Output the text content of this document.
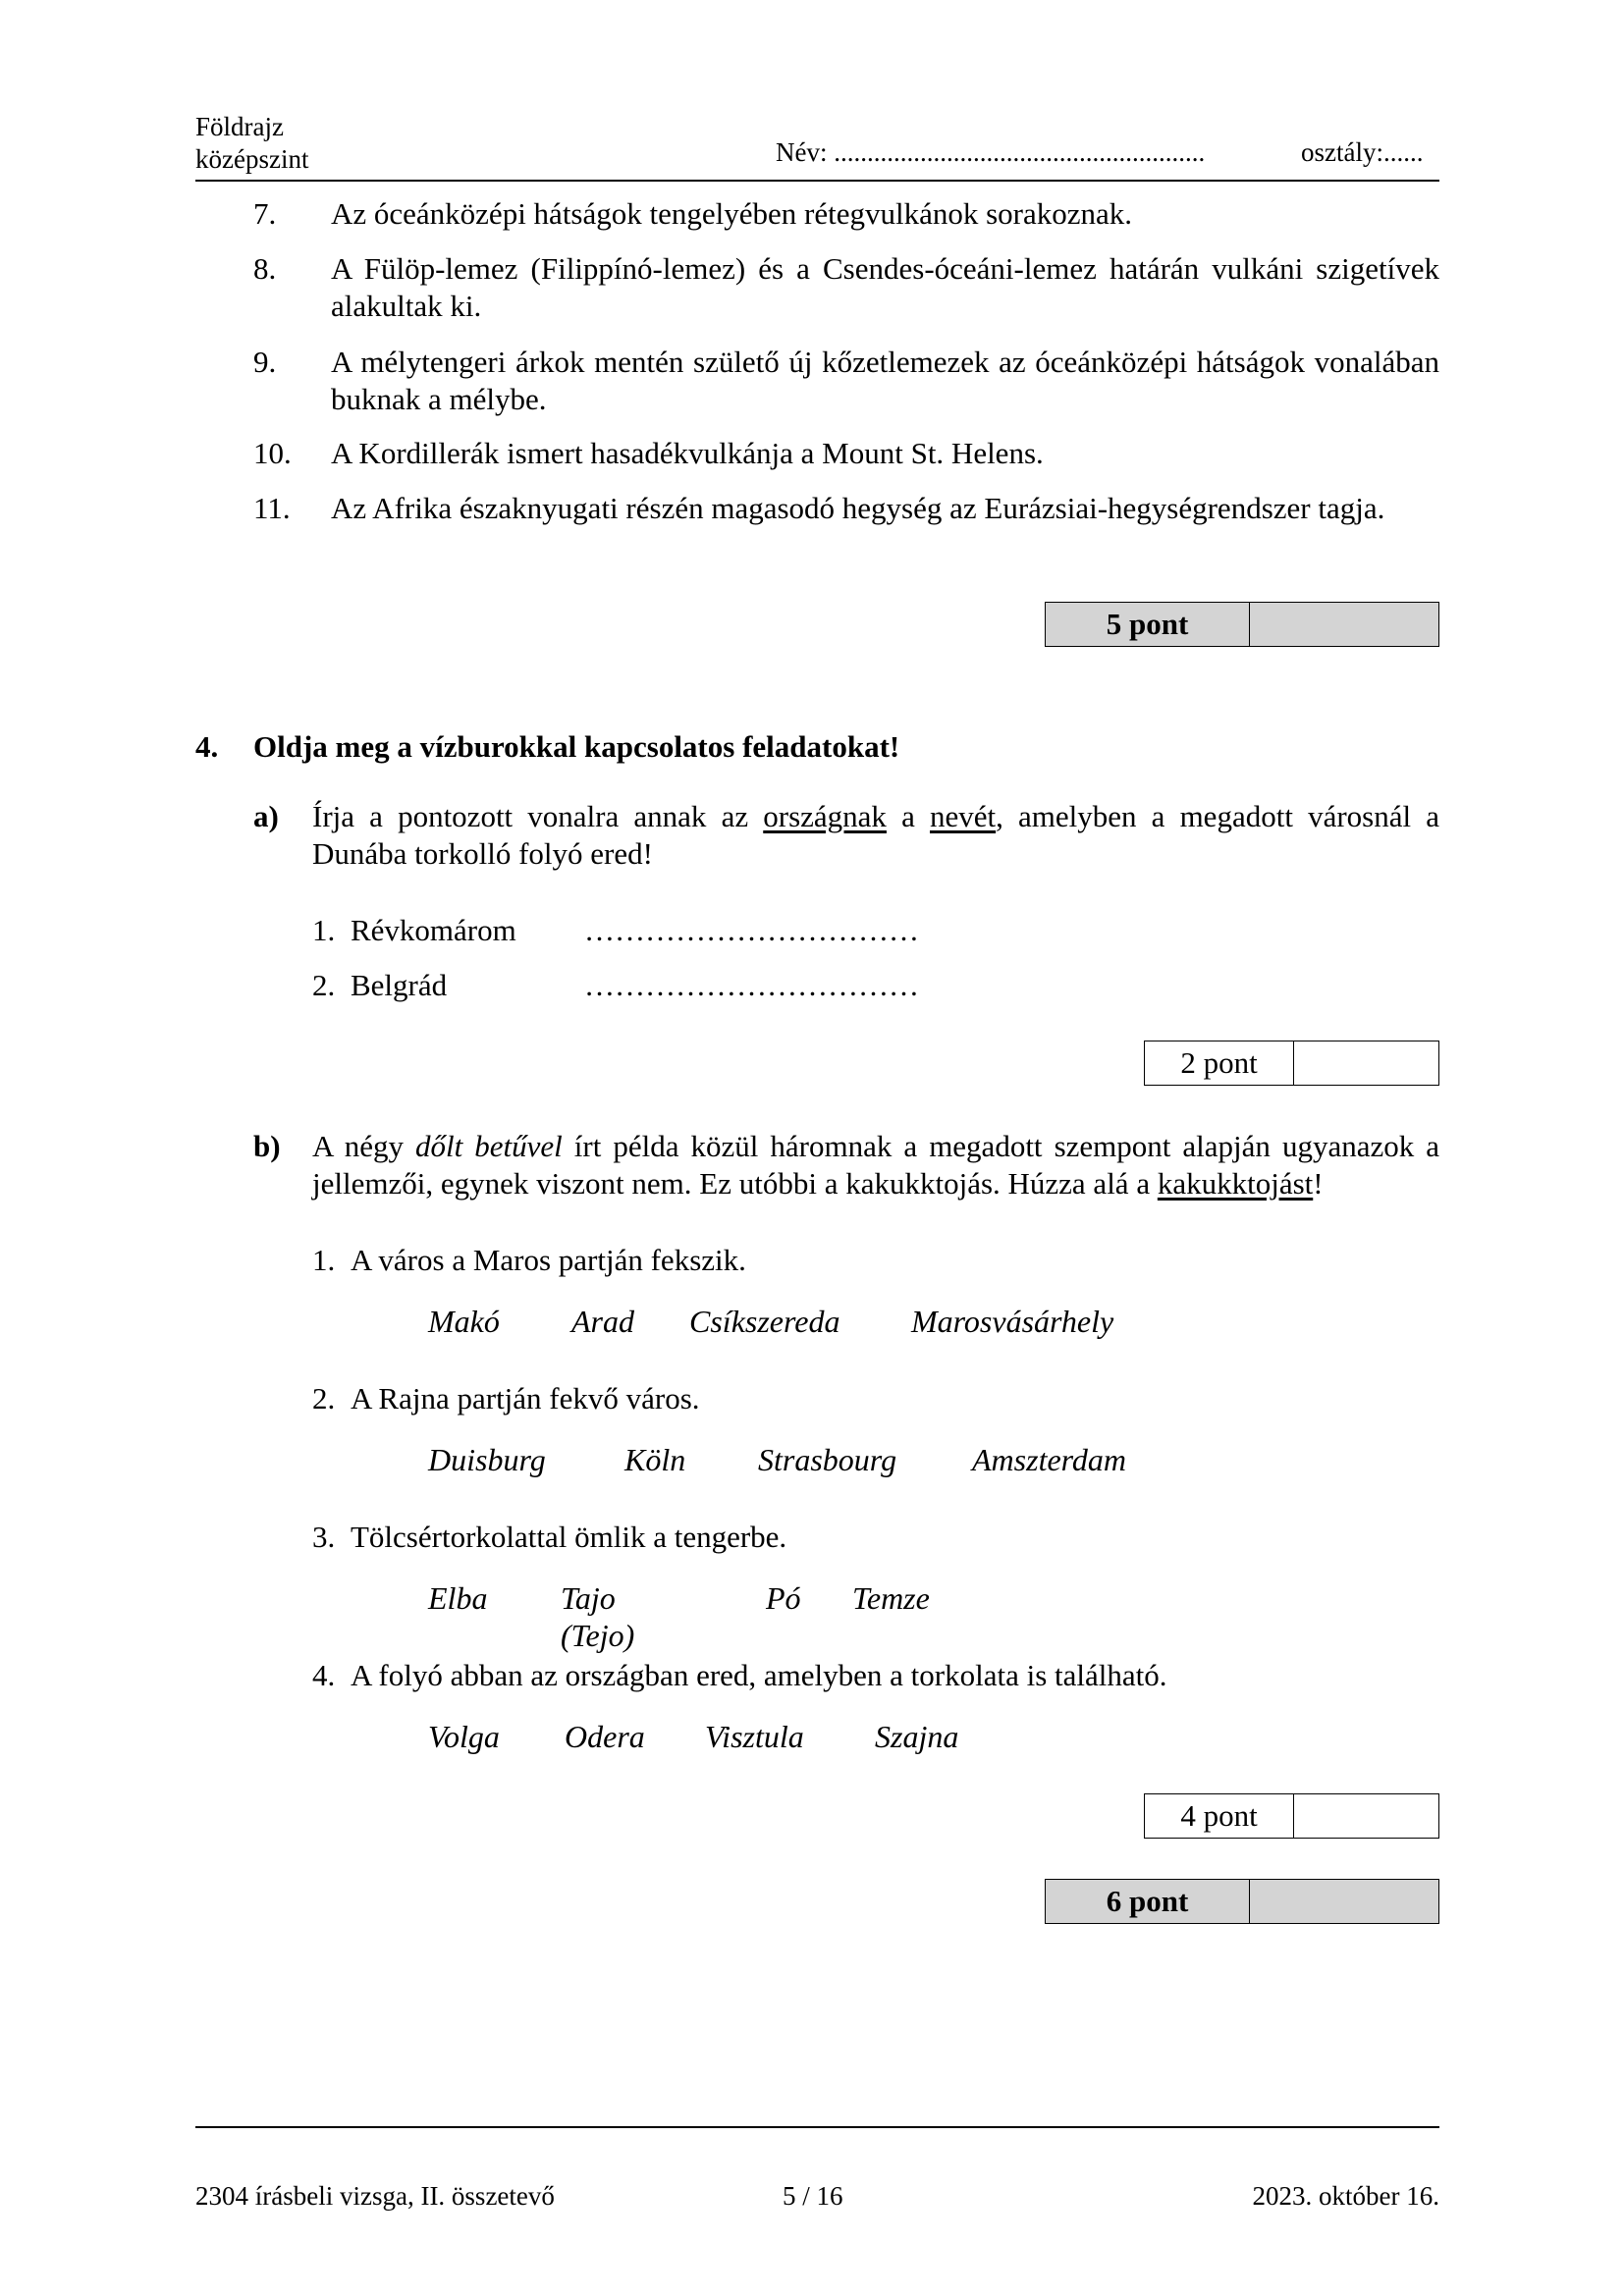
Földrajz
középszint	Név: ........................................................	osztály:......
7. Az óceánközépi hátságok tengelyében rétegvulkánok sorakoznak.
8. A Fülöp-lemez (Filippínó-lemez) és a Csendes-óceáni-lemez határán vulkáni szigetívek alakultak ki.
9. A mélytengeri árkok mentén születő új kőzetlemezek az óceánközépi hátságok vonalában buknak a mélybe.
10. A Kordillerák ismert hasadékvulkánja a Mount St. Helens.
11. Az Afrika északnyugati részén magasodó hegység az Eurázsiai-hegységrendszer tagja.
5 pont
4. Oldja meg a vízburokkal kapcsolatos feladatokat!
a) Írja a pontozott vonalra annak az országnak a nevét, amelyben a megadott városnál a Dunába torkolló folyó ered!
1. Révkomárom ……………………………
2. Belgrád	……………………………
2 pont
b) A négy dőlt betűvel írt példa közül háromnak a megadott szempont alapján ugyanazok a jellemzői, egynek viszont nem. Ez utóbbi a kakukktojás. Húzza alá a kakukktojást!
1. A város a Maros partján fekszik.
Makó Arad Csíkszereda Marosvásárhely
2. A Rajna partján fekvő város.
Duisburg	Köln Strasbourg Amszterdam
3. Tölcsértorkolattal ömlik a tengerbe.
Elba Tajo (Tejo)
Pó Temze
4. A folyó abban az országban ered, amelyben a torkolata is található.
Volga Odera Visztula Szajna
4 pont
6 pont
2304 írásbeli vizsga, II. összetevő	5 / 16	2023. október 16.
